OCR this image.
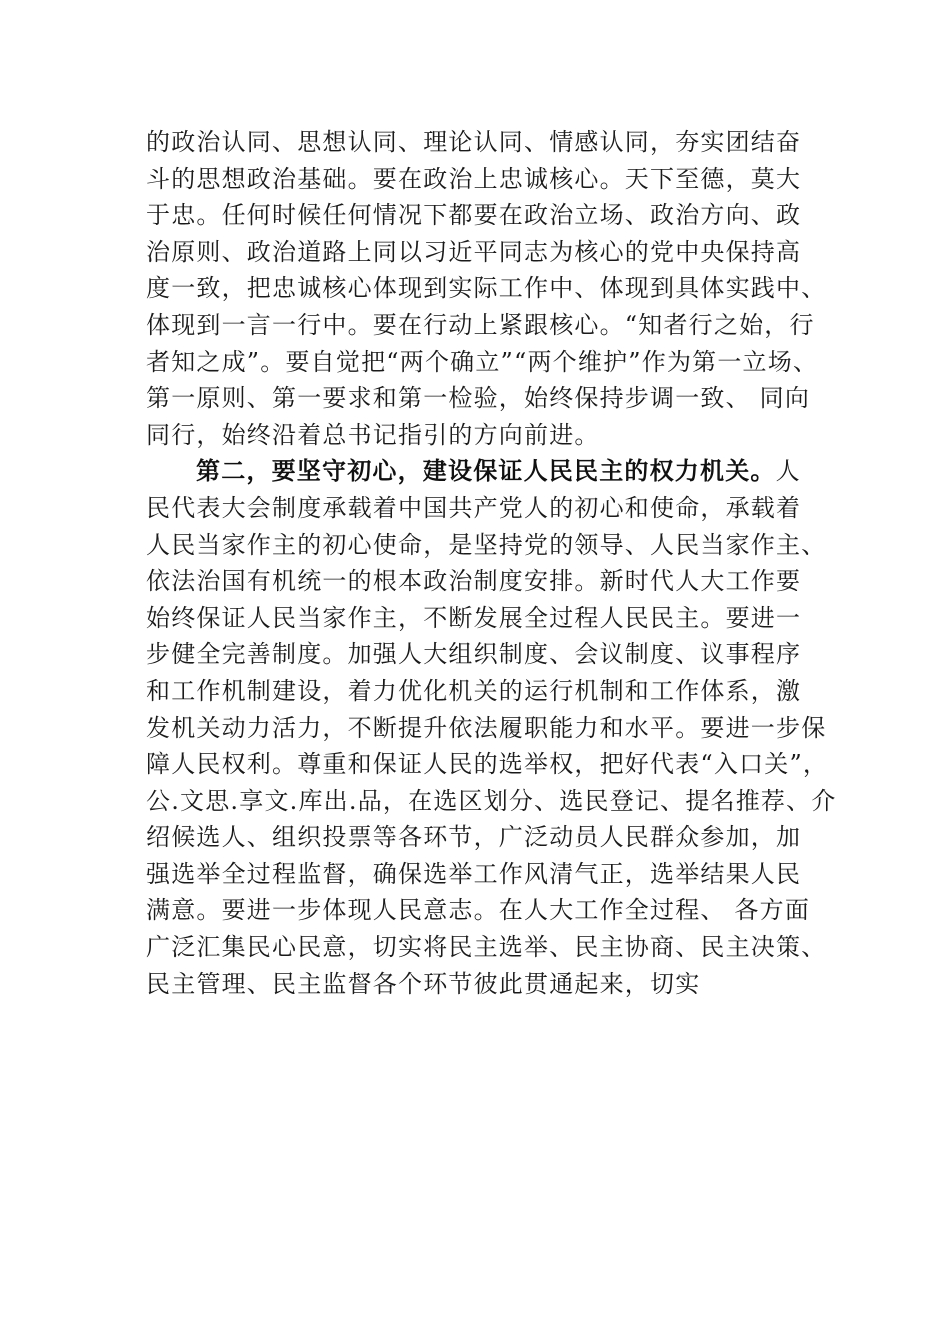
的政治认同、思想认同、理论认同、情感认同，夯实团结奋
斗的思想政治基础。要在政治上忠诚核心。天下至德，莫大
于忠。任何时候任何情况下都要在政治立场、政治方向、政
治原则、政治道路上同以习近平同志为核心的党中央保持高
度一致，把忠诚核心体现到实际工作中、体现到具体实践中、
体现到一言一行中。要在行动上紧跟核心。“知者行之始，行
者知之成”。要自觉把“两个确立”“两个维护”作为第一立场、
第一原则、第一要求和第一检验，始终保持步调一致、 同向
同行，始终沿着总书记指引的方向前进。
第二，要坚守初心，建设保证人民民主的权力机关。人
民代表大会制度承载着中国共产党人的初心和使命，承载着
人民当家作主的初心使命，是坚持党的领导、人民当家作主、
依法治国有机统一的根本政治制度安排。新时代人大工作要
始终保证人民当家作主，不断发展全过程人民民主。要进一
步健全完善制度。加强人大组织制度、会议制度、议事程序
和工作机制建设，着力优化机关的运行机制和工作体系，激
发机关动力活力，不断提升依法履职能力和水平。要进一步保
障人民权利。尊重和保证人民的选举权，把好代表“入口关”，
公.文思.享文.库出.品，在选区划分、选民登记、提名推荐、介
绍候选人、组织投票等各环节，广泛动员人民群众参加，加
强选举全过程监督，确保选举工作风清气正，选举结果人民
满意。要进一步体现人民意志。在人大工作全过程、 各方面
广泛汇集民心民意，切实将民主选举、民主协商、民主决策、
民主管理、民主监督各个环节彼此贯通起来，切实
